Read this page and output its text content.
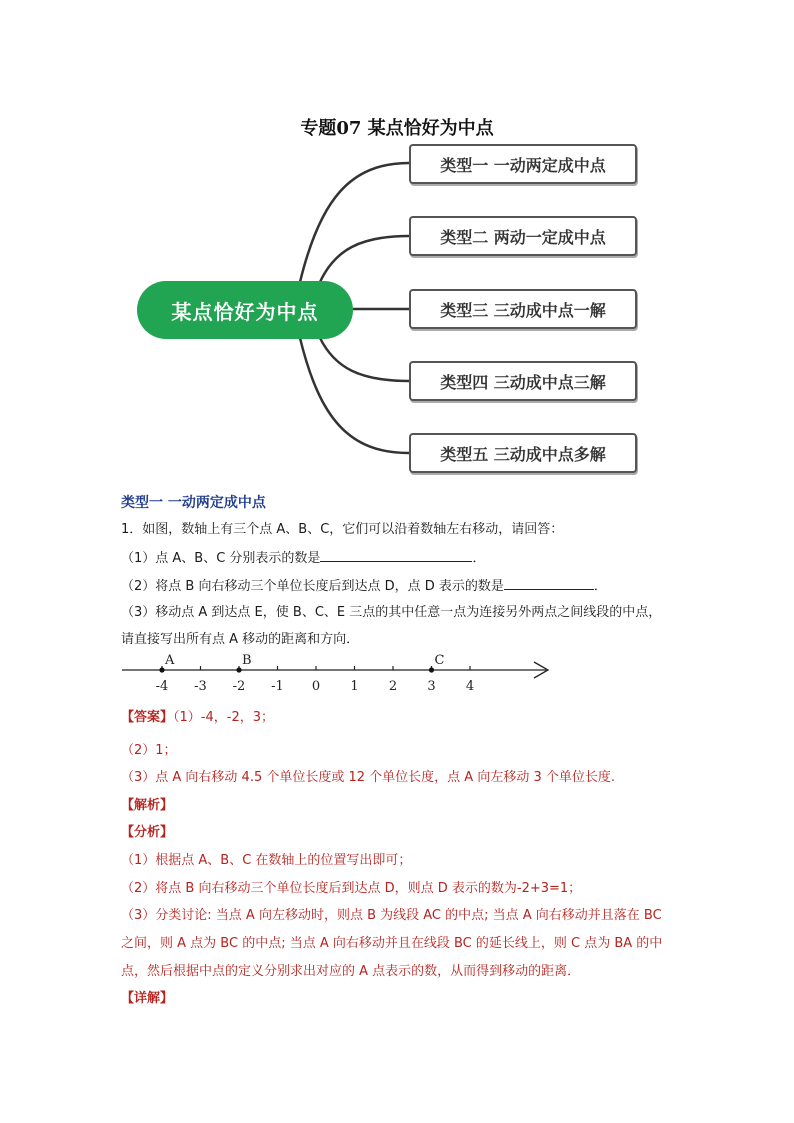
专题07 某点恰好为中点
某点恰好为中点
类型一 一动两定成中点
类型二 两动一定成中点
类型三 三动成中点一解
类型四 三动成中点三解
类型五 三动成中点多解
类型一 一动两定成中点
1．如图，数轴上有三个点 A、B、C，它们可以沿着数轴左右移动，请回答：
（1）点 A、B、C 分别表示的数是	．
（2）将点 B 向右移动三个单位长度后到达点 D，点 D 表示的数是	．
（3）移动点 A 到达点 E，使 B、C、E 三点的其中任意一点为连接另外两点之间线段的中点，
请直接写出所有点 A 移动的距离和方向．
-4 -3 -2 -1 0 1 2 3 4
A	B	C
【答案】（1）-4，-2，3；
（2）1；
（3）点 A 向右移动 4.5 个单位长度或 12 个单位长度，点 A 向左移动 3 个单位长度.
【解析】
【分析】
（1）根据点 A、B、C 在数轴上的位置写出即可；
（2）将点 B 向右移动三个单位长度后到达点 D，则点 D 表示的数为-2+3=1；
（3）分类讨论: 当点 A 向左移动时，则点 B 为线段 AC 的中点; 当点 A 向右移动并且落在 BC
之间，则 A 点为 BC 的中点; 当点 A 向右移动并且在线段 BC 的延长线上，则 C 点为 BA 的中
点，然后根据中点的定义分别求出对应的 A 点表示的数，从而得到移动的距离．
【详解】
